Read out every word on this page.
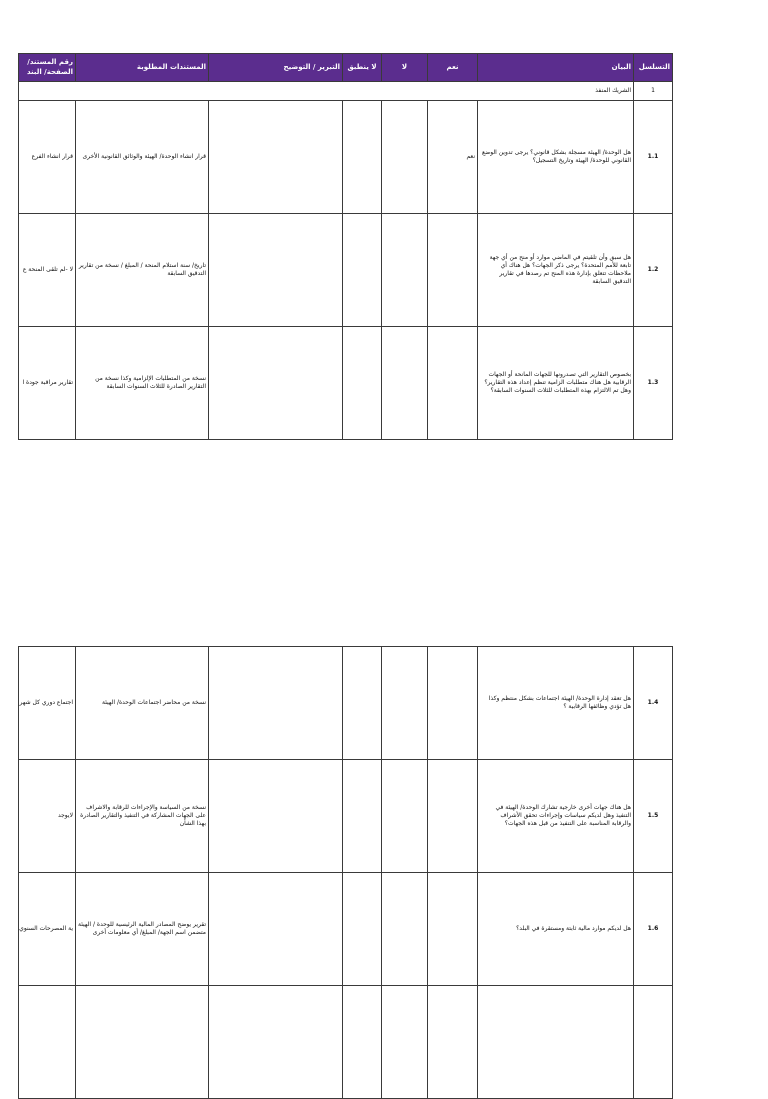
رقم المستند/ الصفحة/ البند	المستندات المطلوبة	التبرير / التوضيح	لا ينطبق	لا	نعم	البيان	التسلسل
الشريك المنفذ							1
قرار انشاء الفرع	قرار انشاء الوحدة/ الهيئة والوثائق القانونية الأخرى				نعم	هل الوحدة/ الهيئة مسجلة بشكل قانوني؟ يرجى تدوين الوضع القانوني للوحدة/ الهيئة وتاريخ التسجيل؟	1.1
لا -لم تلقى المنحة ع	تاريخ/ سنة استلام المنحة / المبلغ / نسخة من تقارير التدقيق السابقة					هل سبق وأن تلقيتم في الماضي موارد أو منح من أي جهة تابعة للأمم المتحدة؟ يرجى ذكر الجهات؟ هل هناك أي ملاحظات تتعلق بإدارة هذه المنح تم رصدها في تقارير التدقيق السابقة	1.2
تقارير مراقبة جودة ا	نسخة من المتطلبات الإلزامية وكذا نسخة من التقارير الصادرة للثلاث السنوات السابقة					بخصوص التقارير التي تصدرونها للجهات المانحة أو الجهات الرقابية هل هناك متطلبات الزامية تنظم إعداد هذه التقارير؟ وهل تم الالتزام بهذه المتطلبات للثلاث السنوات السابقة؟	1.3
اجتماع دوري كل شهر	نسخة من محاضر اجتماعات الوحدة/ الهيئة					هل تعقد إدارة الوحدة/ الهيئة اجتماعات بشكل منتظم وكذا هل تؤدي وظائفها الرقابية ؟	1.4
لايوجد	نسخة من السياسة والإجراءات للرقابة والاشراف على الجهات المشاركة في التنفيذ والتقارير الصادرة بهذا الشأن					هل هناك جهات أخرى خارجية تشارك الوحدة/ الهيئة في التنفيذ وهل لديكم سياسات وإجراءات تحقق الأشراف والرقابة المناسبة على التنفيذ من قبل هذه الجهات؟	1.5
ية المصرحات السنوي	تقرير يوضح المصادر المالية الرئيسية للوحدة / الهيئة متضمن اسم الجهة/ المبلغ/ أي معلومات أخرى					هل لديكم موارد مالية ثابتة ومستقرة في البلد؟	1.6
